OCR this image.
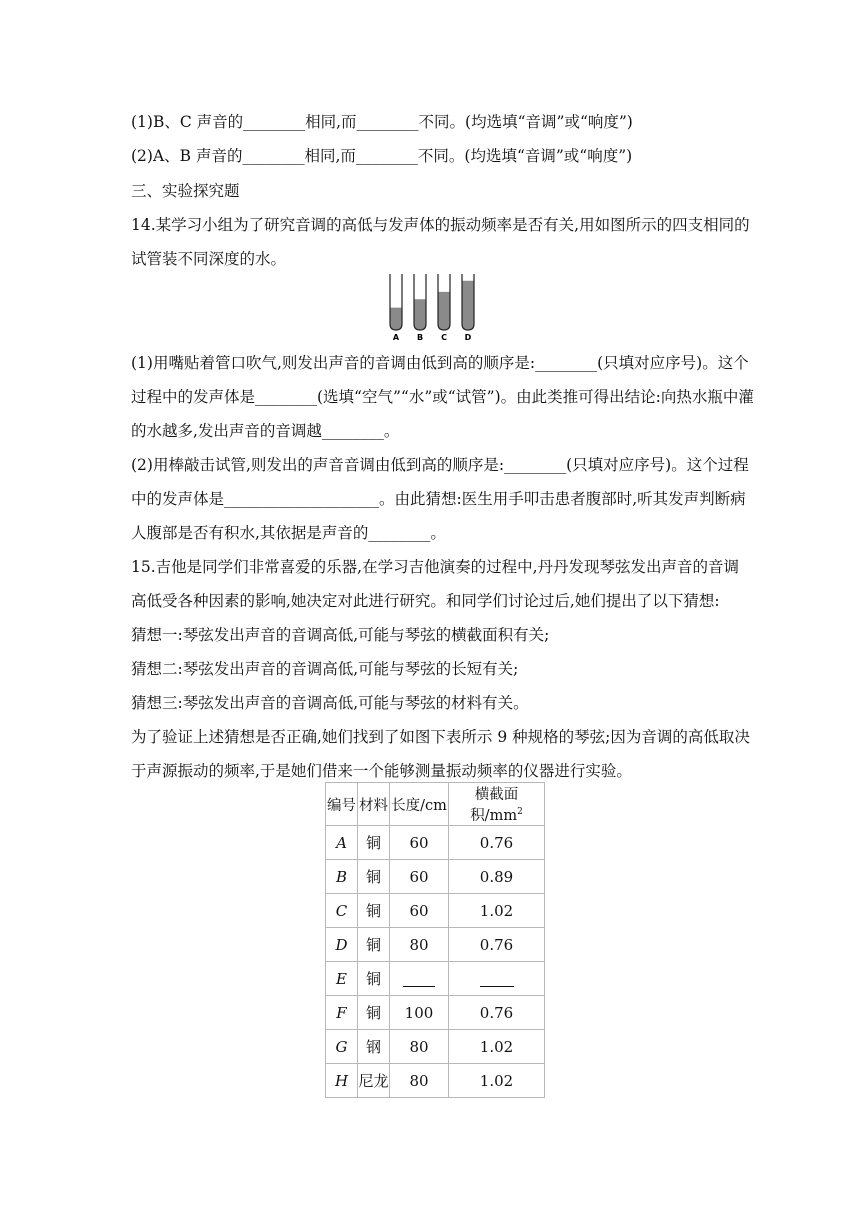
(1)B、C 声音的________相同,而________不同。(均选填“音调”或“响度”)
(2)A、B 声音的________相同,而________不同。(均选填“音调”或“响度”)
三、实验探究题
14.某学习小组为了研究音调的高低与发声体的振动频率是否有关,用如图所示的四支相同的
试管装不同深度的水。
A B C D
(1)用嘴贴着管口吹气,则发出声音的音调由低到高的顺序是:________(只填对应序号)。这个
过程中的发声体是________(选填“空气”“水”或“试管”)。由此类推可得出结论:向热水瓶中灌
的水越多,发出声音的音调越________。
(2)用棒敲击试管,则发出的声音音调由低到高的顺序是:________(只填对应序号)。这个过程
中的发声体是____________________。由此猜想:医生用手叩击患者腹部时,听其发声判断病
人腹部是否有积水,其依据是声音的________。
15.吉他是同学们非常喜爱的乐器,在学习吉他演奏的过程中,丹丹发现琴弦发出声音的音调
高低受各种因素的影响,她决定对此进行研究。和同学们讨论过后,她们提出了以下猜想:
猜想一:琴弦发出声音的音调高低,可能与琴弦的横截面积有关;
猜想二:琴弦发出声音的音调高低,可能与琴弦的长短有关;
猜想三:琴弦发出声音的音调高低,可能与琴弦的材料有关。
为了验证上述猜想是否正确,她们找到了如图下表所示 9 种规格的琴弦;因为音调的高低取决
于声源振动的频率,于是她们借来一个能够测量振动频率的仪器进行实验。
编号	材料	长度/cm	横截面积$/mm^2$
A	铜	60	0.76
B	铜	60	0.89
C	铜	60	1.02
D	铜	80	0.76
E	铜		
F	铜	100	0.76
G	钢	80	1.02
H	尼龙	80	1.02
